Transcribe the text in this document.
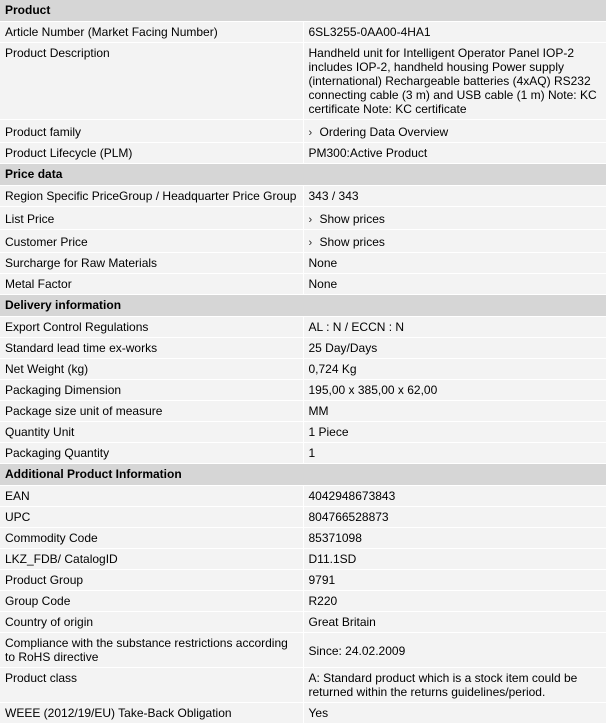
Product	
Article Number (Market Facing Number)	6SL3255-0AA00-4HA1
Product Description	Handheld unit for Intelligent Operator Panel IOP-2 includes IOP-2, handheld housing Power supply (international) Rechargeable batteries (4xAQ) RS232 connecting cable (3 m) and USB cable (1 m) Note: KC certificate Note: KC certificate
Product family	› Ordering Data Overview
Product Lifecycle (PLM)	PM300:Active Product
Price data	
Region Specific PriceGroup / Headquarter Price Group	343 / 343
List Price	› Show prices
Customer Price	› Show prices
Surcharge for Raw Materials	None
Metal Factor	None
Delivery information	
Export Control Regulations	AL : N / ECCN : N
Standard lead time ex-works	25 Day/Days
Net Weight (kg)	0,724 Kg
Packaging Dimension	195,00 x 385,00 x 62,00
Package size unit of measure	MM
Quantity Unit	1 Piece
Packaging Quantity	1
Additional Product Information	
EAN	4042948673843
UPC	804766528873
Commodity Code	85371098
LKZ_FDB/ CatalogID	D11.1SD
Product Group	9791
Group Code	R220
Country of origin	Great Britain
Compliance with the substance restrictions according to RoHS directive	Since: 24.02.2009
Product class	A: Standard product which is a stock item could be returned within the returns guidelines/period.
WEEE (2012/19/EU) Take-Back Obligation	Yes
